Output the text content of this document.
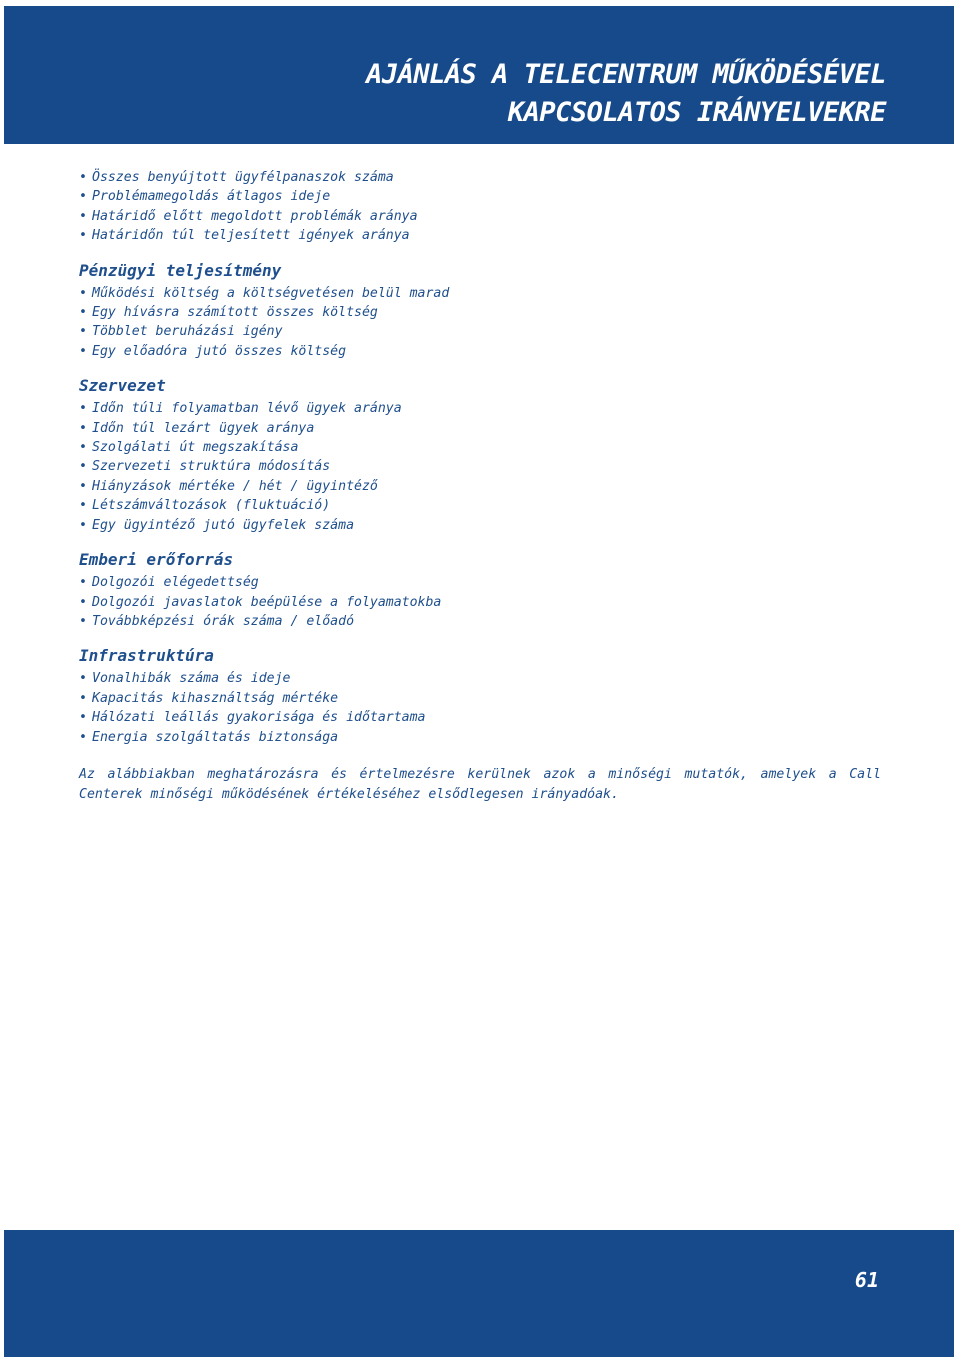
AJÁNLÁS A TELECENTRUM MŰKÖDÉSÉVEL
KAPCSOLATOS IRÁNYELVEKRE
• Összes benyújtott ügyfélpanaszok száma
• Problémamegoldás átlagos ideje
• Határidő előtt megoldott problémák aránya
• Határidőn túl teljesített igények aránya
Pénzügyi teljesítmény
• Működési költség a költségvetésen belül marad
• Egy hívásra számított összes költség
• Többlet beruházási igény
• Egy előadóra jutó összes költség
Szervezet
• Időn túli folyamatban lévő ügyek aránya
• Időn túl lezárt ügyek aránya
• Szolgálati út megszakítása
• Szervezeti struktúra módosítás
• Hiányzások mértéke / hét / ügyintéző
• Létszámváltozások (fluktuáció)
• Egy ügyintéző jutó ügyfelek száma
Emberi erőforrás
• Dolgozói elégedettség
• Dolgozói javaslatok beépülése a folyamatokba
• Továbbképzési órák száma / előadó
Infrastruktúra
• Vonalhibák száma és ideje
• Kapacitás kihasználtság mértéke
• Hálózati leállás gyakorisága és időtartama
• Energia szolgáltatás biztonsága

Az alábbiakban meghatározásra és értelmezésre kerülnek azok a minőségi mutatók, amelyek a Call Centerek minőségi működésének értékeléséhez elsődlegesen irányadóak.

61
